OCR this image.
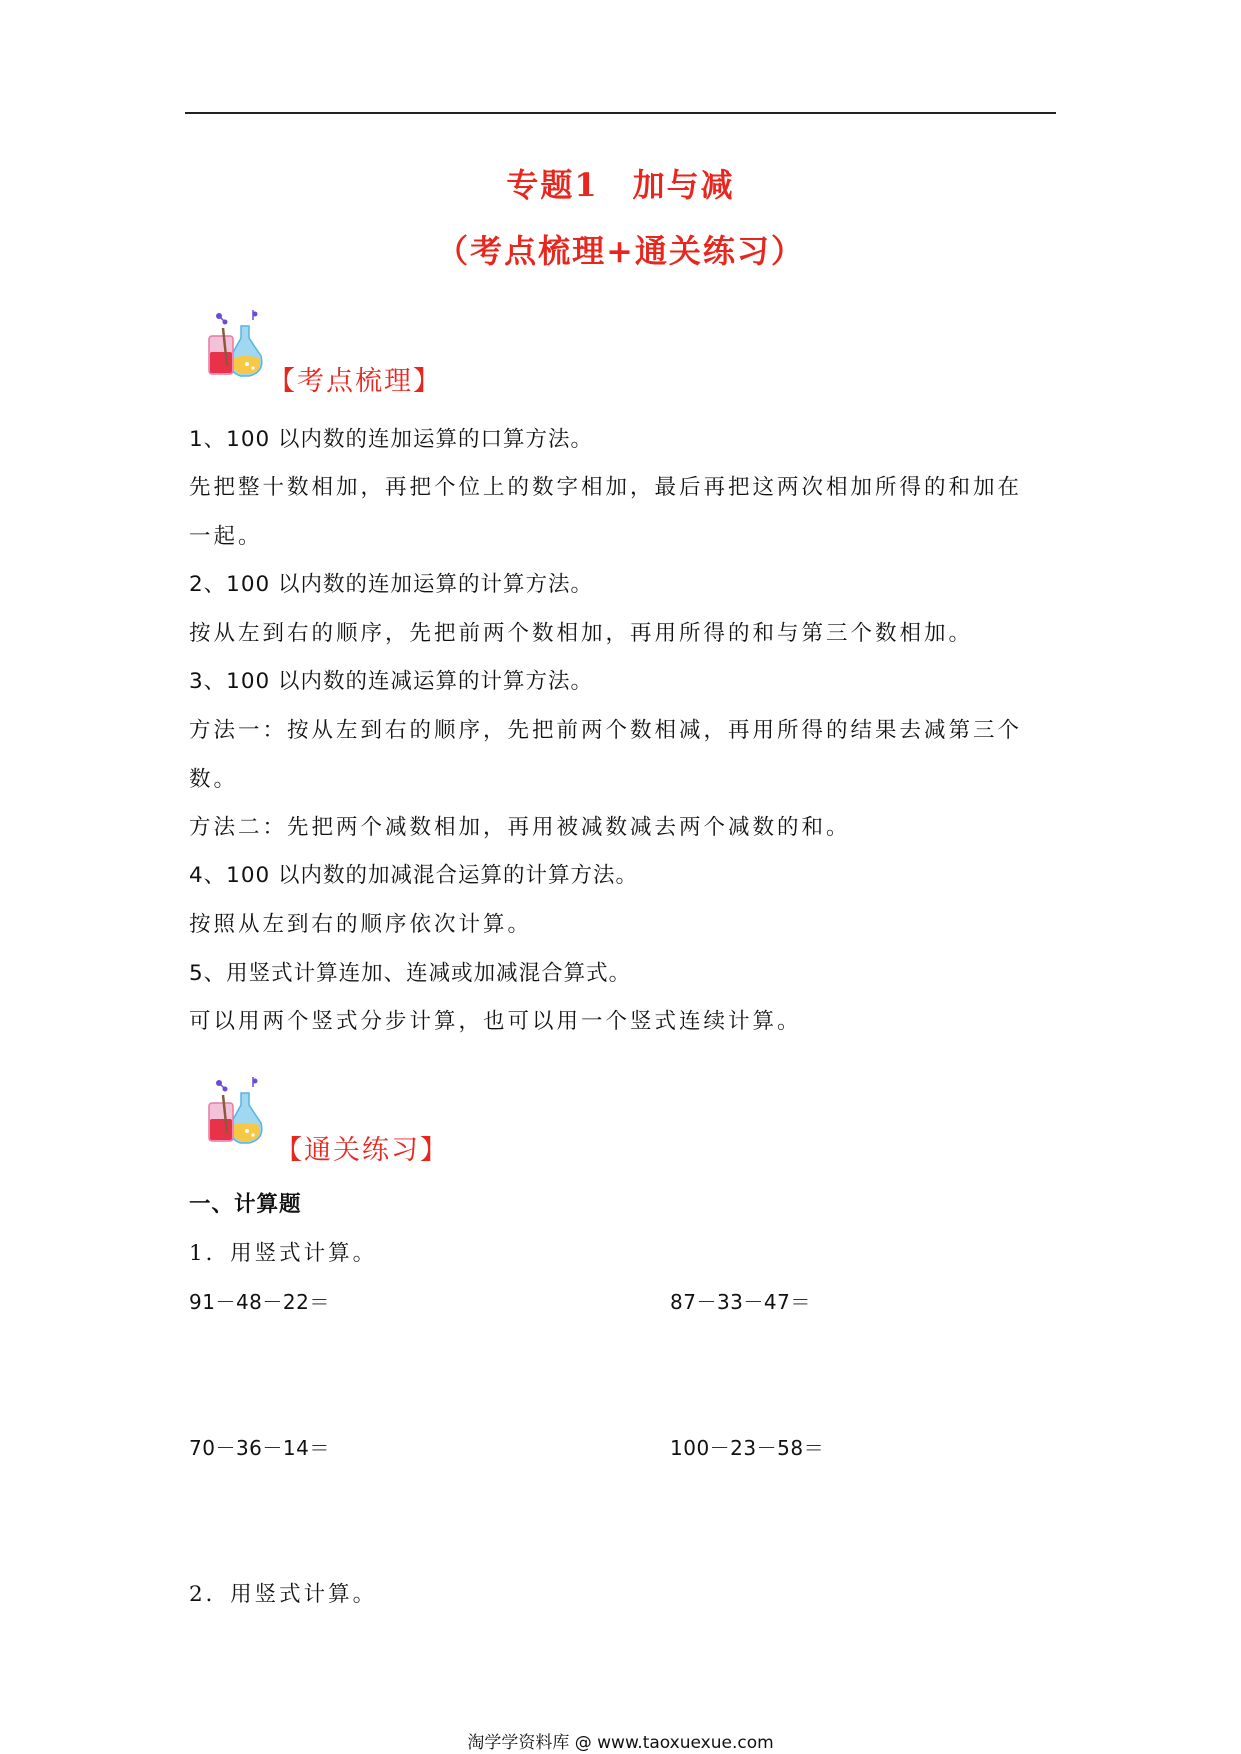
专题1　加与减
（考点梳理+通关练习）
【考点梳理】
1、100 以内数的连加运算的口算方法。
先把整十数相加，再把个位上的数字相加，最后再把这两次相加所得的和加在
一起。
2、100 以内数的连加运算的计算方法。
按从左到右的顺序，先把前两个数相加，再用所得的和与第三个数相加。
3、100 以内数的连减运算的计算方法。
方法一：按从左到右的顺序，先把前两个数相减，再用所得的结果去减第三个
数。
方法二：先把两个减数相加，再用被减数减去两个减数的和。
4、100 以内数的加减混合运算的计算方法。
按照从左到右的顺序依次计算。
5、用竖式计算连加、连减或加减混合算式。
可以用两个竖式分步计算，也可以用一个竖式连续计算。
【通关练习】
一、计算题
1．用竖式计算。
91－48－22＝	87－33－47＝
70－36－14＝	100－23－58＝
2．用竖式计算。
淘学学资料库 @ www.taoxuexue.com
